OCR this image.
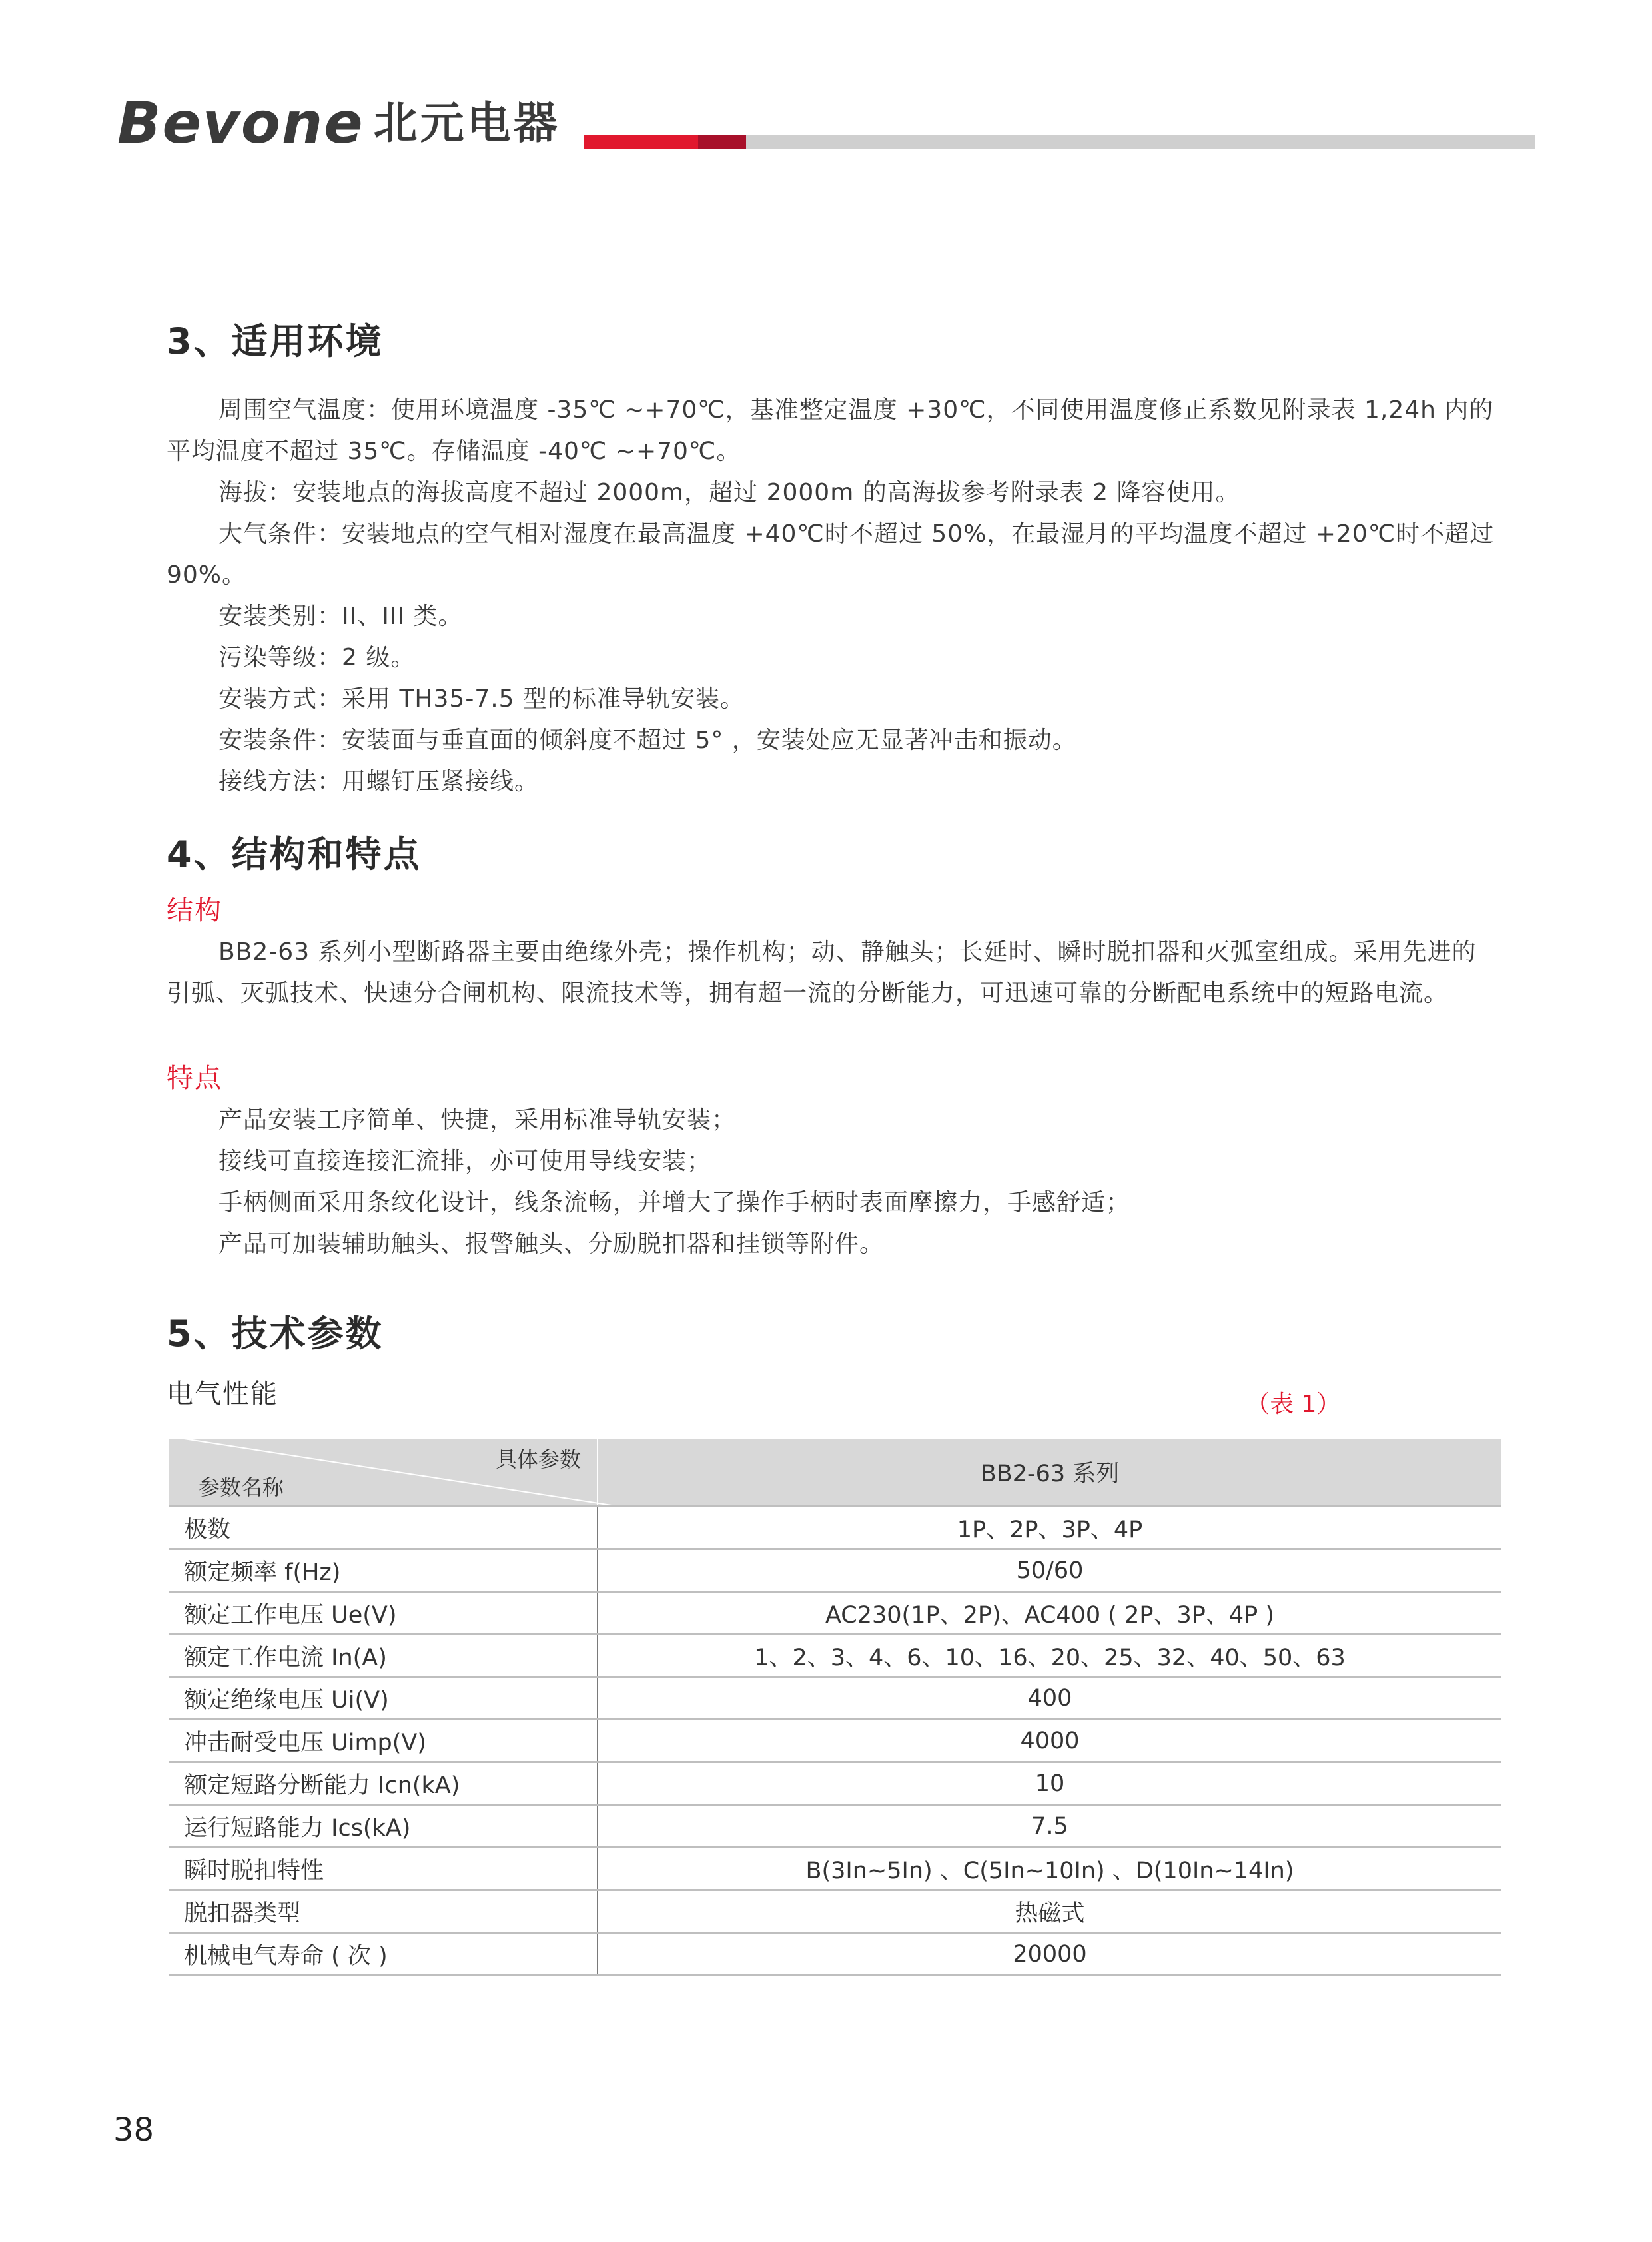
Bevone 北元电器
3、适用环境

周围空气温度：使用环境温度 -35℃ ~+70℃，基准整定温度 +30℃，不同使用温度修正系数见附录表 1,24h 内的平均温度不超过 35℃。存储温度 -40℃ ~+70℃。

海拔：安装地点的海拔高度不超过 2000m，超过 2000m 的高海拔参考附录表 2 降容使用。

大气条件：安装地点的空气相对湿度在最高温度 +40℃时不超过 50%，在最湿月的平均温度不超过 +20℃时不超过 90%。

安装类别：II、III 类。

污染等级：2 级。

安装方式：采用 TH35-7.5 型的标准导轨安装。

安装条件：安装面与垂直面的倾斜度不超过 5° ，安装处应无显著冲击和振动。

接线方法：用螺钉压紧接线。

4、结构和特点

结构

BB2-63 系列小型断路器主要由绝缘外壳；操作机构；动、静触头；长延时、瞬时脱扣器和灭弧室组成。采用先进的引弧、灭弧技术、快速分合闸机构、限流技术等，拥有超一流的分断能力，可迅速可靠的分断配电系统中的短路电流。

特点

产品安装工序简单、快捷，采用标准导轨安装；

接线可直接连接汇流排，亦可使用导线安装；

手柄侧面采用条纹化设计，线条流畅，并增大了操作手柄时表面摩擦力，手感舒适；

产品可加装辅助触头、报警触头、分励脱扣器和挂锁等附件。

5、技术参数

电气性能	（表 1）
具体参数
参数名称	BB2-63 系列
极数	1P、2P、3P、4P
额定频率 f(Hz)	50/60
额定工作电压 Ue(V)	AC230(1P、2P)、AC400 ( 2P、3P、4P )
额定工作电流 In(A)	1、2、3、4、6、10、16、20、25、32、40、50、63
额定绝缘电压 Ui(V)	400
冲击耐受电压 Uimp(V)	4000
额定短路分断能力 Icn(kA)	10
运行短路能力 Ics(kA)	7.5
瞬时脱扣特性	B(3In~5In) 、C(5In~10In) 、D(10In~14In)
脱扣器类型	热磁式
机械电气寿命 ( 次 )	20000
38
